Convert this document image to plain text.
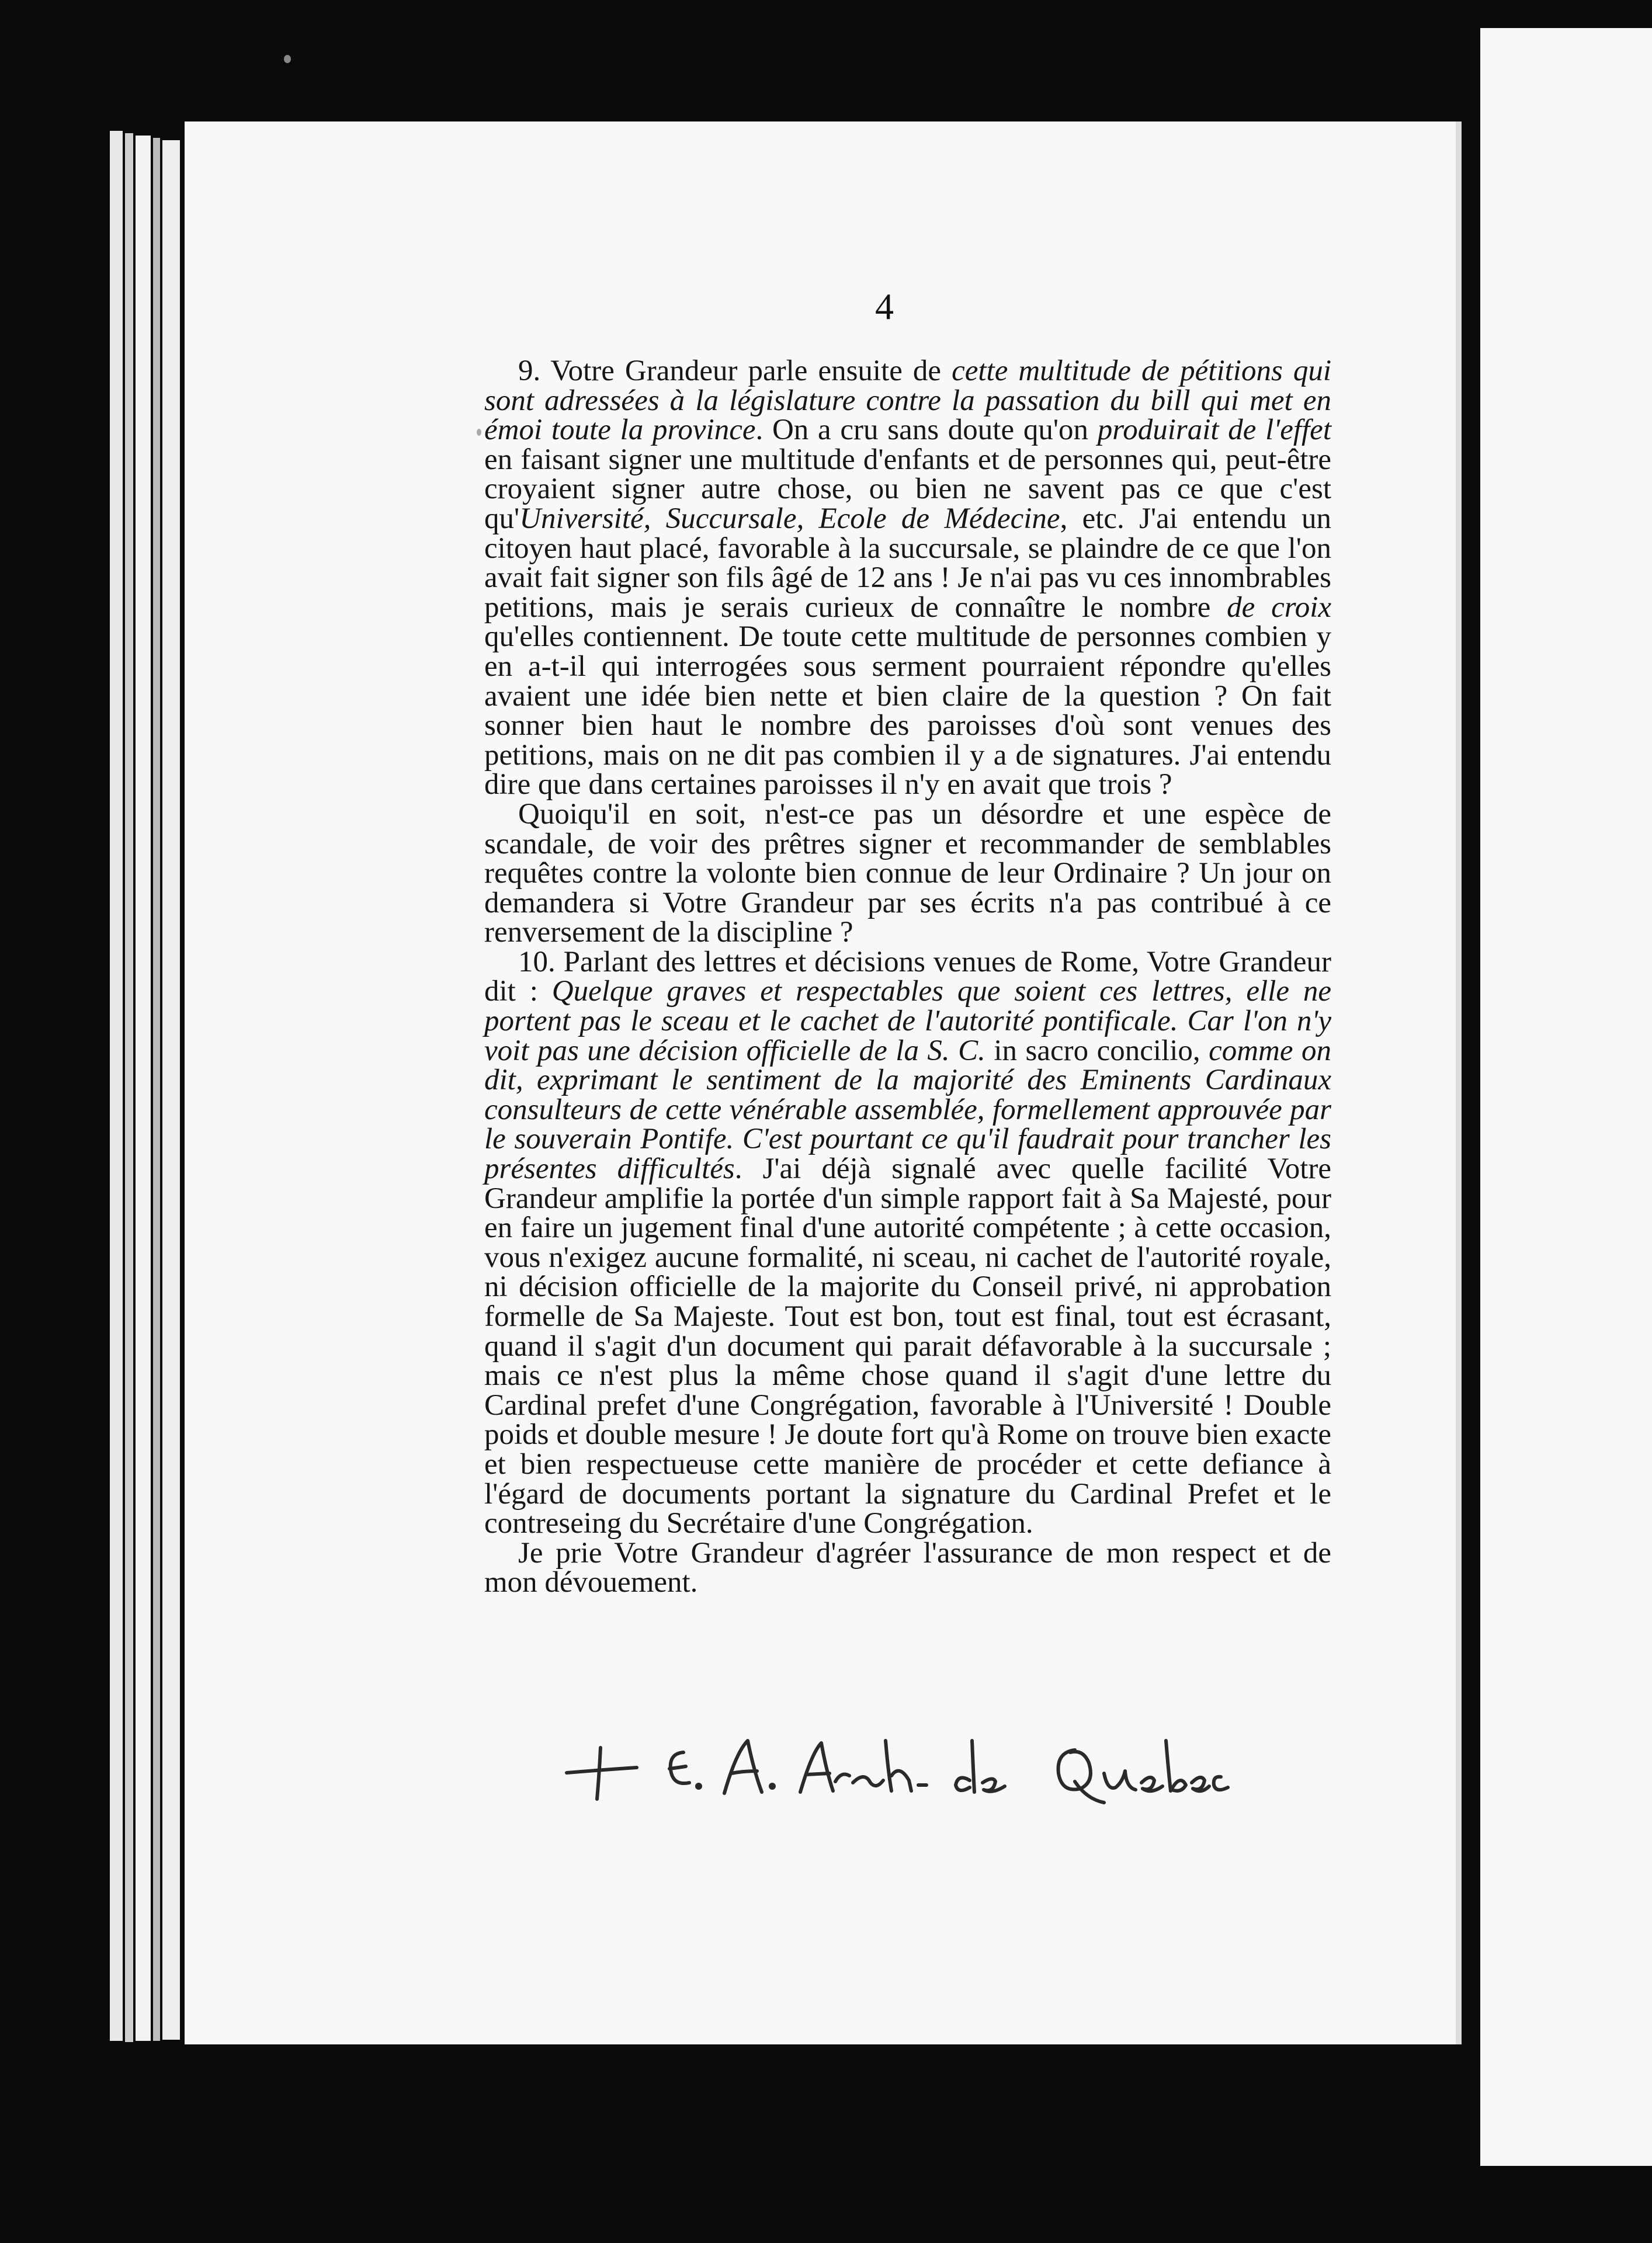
4

9. Votre Grandeur parle ensuite de cette multitude de pétitions qui sont adressées à la législature contre la passation du bill qui met en émoi toute la province. On a cru sans doute qu'on produirait de l'effet en faisant signer une multitude d'enfants et de personnes qui, peut-être croyaient signer autre chose, ou bien ne savent pas ce que c'est qu'Université, Succursale, Ecole de Médecine, etc. J'ai entendu un citoyen haut placé, favorable à la succursale, se plaindre de ce que l'on avait fait signer son fils âgé de 12 ans ! Je n'ai pas vu ces innombrables petitions, mais je serais curieux de connaître le nombre de croix qu'elles contiennent. De toute cette multitude de personnes combien y en a-t-il qui interrogées sous serment pourraient répondre qu'elles avaient une idée bien nette et bien claire de la question ? On fait sonner bien haut le nombre des paroisses d'où sont venues des petitions, mais on ne dit pas combien il y a de signatures. J'ai entendu dire que dans certaines paroisses il n'y en avait que trois ?

Quoiqu'il en soit, n'est-ce pas un désordre et une espèce de scandale, de voir des prêtres signer et recommander de semblables requêtes contre la volonte bien connue de leur Ordinaire ? Un jour on demandera si Votre Grandeur par ses écrits n'a pas contribué à ce renversement de la discipline ?

10. Parlant des lettres et décisions venues de Rome, Votre Grandeur dit : Quelque graves et respectables que soient ces lettres, elle ne portent pas le sceau et le cachet de l'autorité pontificale. Car l'on n'y voit pas une décision officielle de la S. C. in sacro concilio, comme on dit, exprimant le sentiment de la majorité des Eminents Cardinaux consulteurs de cette vénérable assemblée, formellement approuvée par le souverain Pontife. C'est pourtant ce qu'il faudrait pour trancher les présentes difficultés. J'ai déjà signalé avec quelle facilité Votre Grandeur amplifie la portée d'un simple rapport fait à Sa Majesté, pour en faire un jugement final d'une autorité compétente ; à cette occasion, vous n'exigez aucune formalité, ni sceau, ni cachet de l'autorité royale, ni décision officielle de la majorite du Conseil privé, ni approbation formelle de Sa Majeste. Tout est bon, tout est final, tout est écrasant, quand il s'agit d'un document qui parait défavorable à la succursale ; mais ce n'est plus la même chose quand il s'agit d'une lettre du Cardinal prefet d'une Congrégation, favorable à l'Université ! Double poids et double mesure ! Je doute fort qu'à Rome on trouve bien exacte et bien respectueuse cette manière de procéder et cette defiance à l'égard de documents portant la signature du Cardinal Prefet et le contreseing du Secrétaire d'une Congrégation.

Je prie Votre Grandeur d'agréer l'assurance de mon respect et de mon dévouement.
